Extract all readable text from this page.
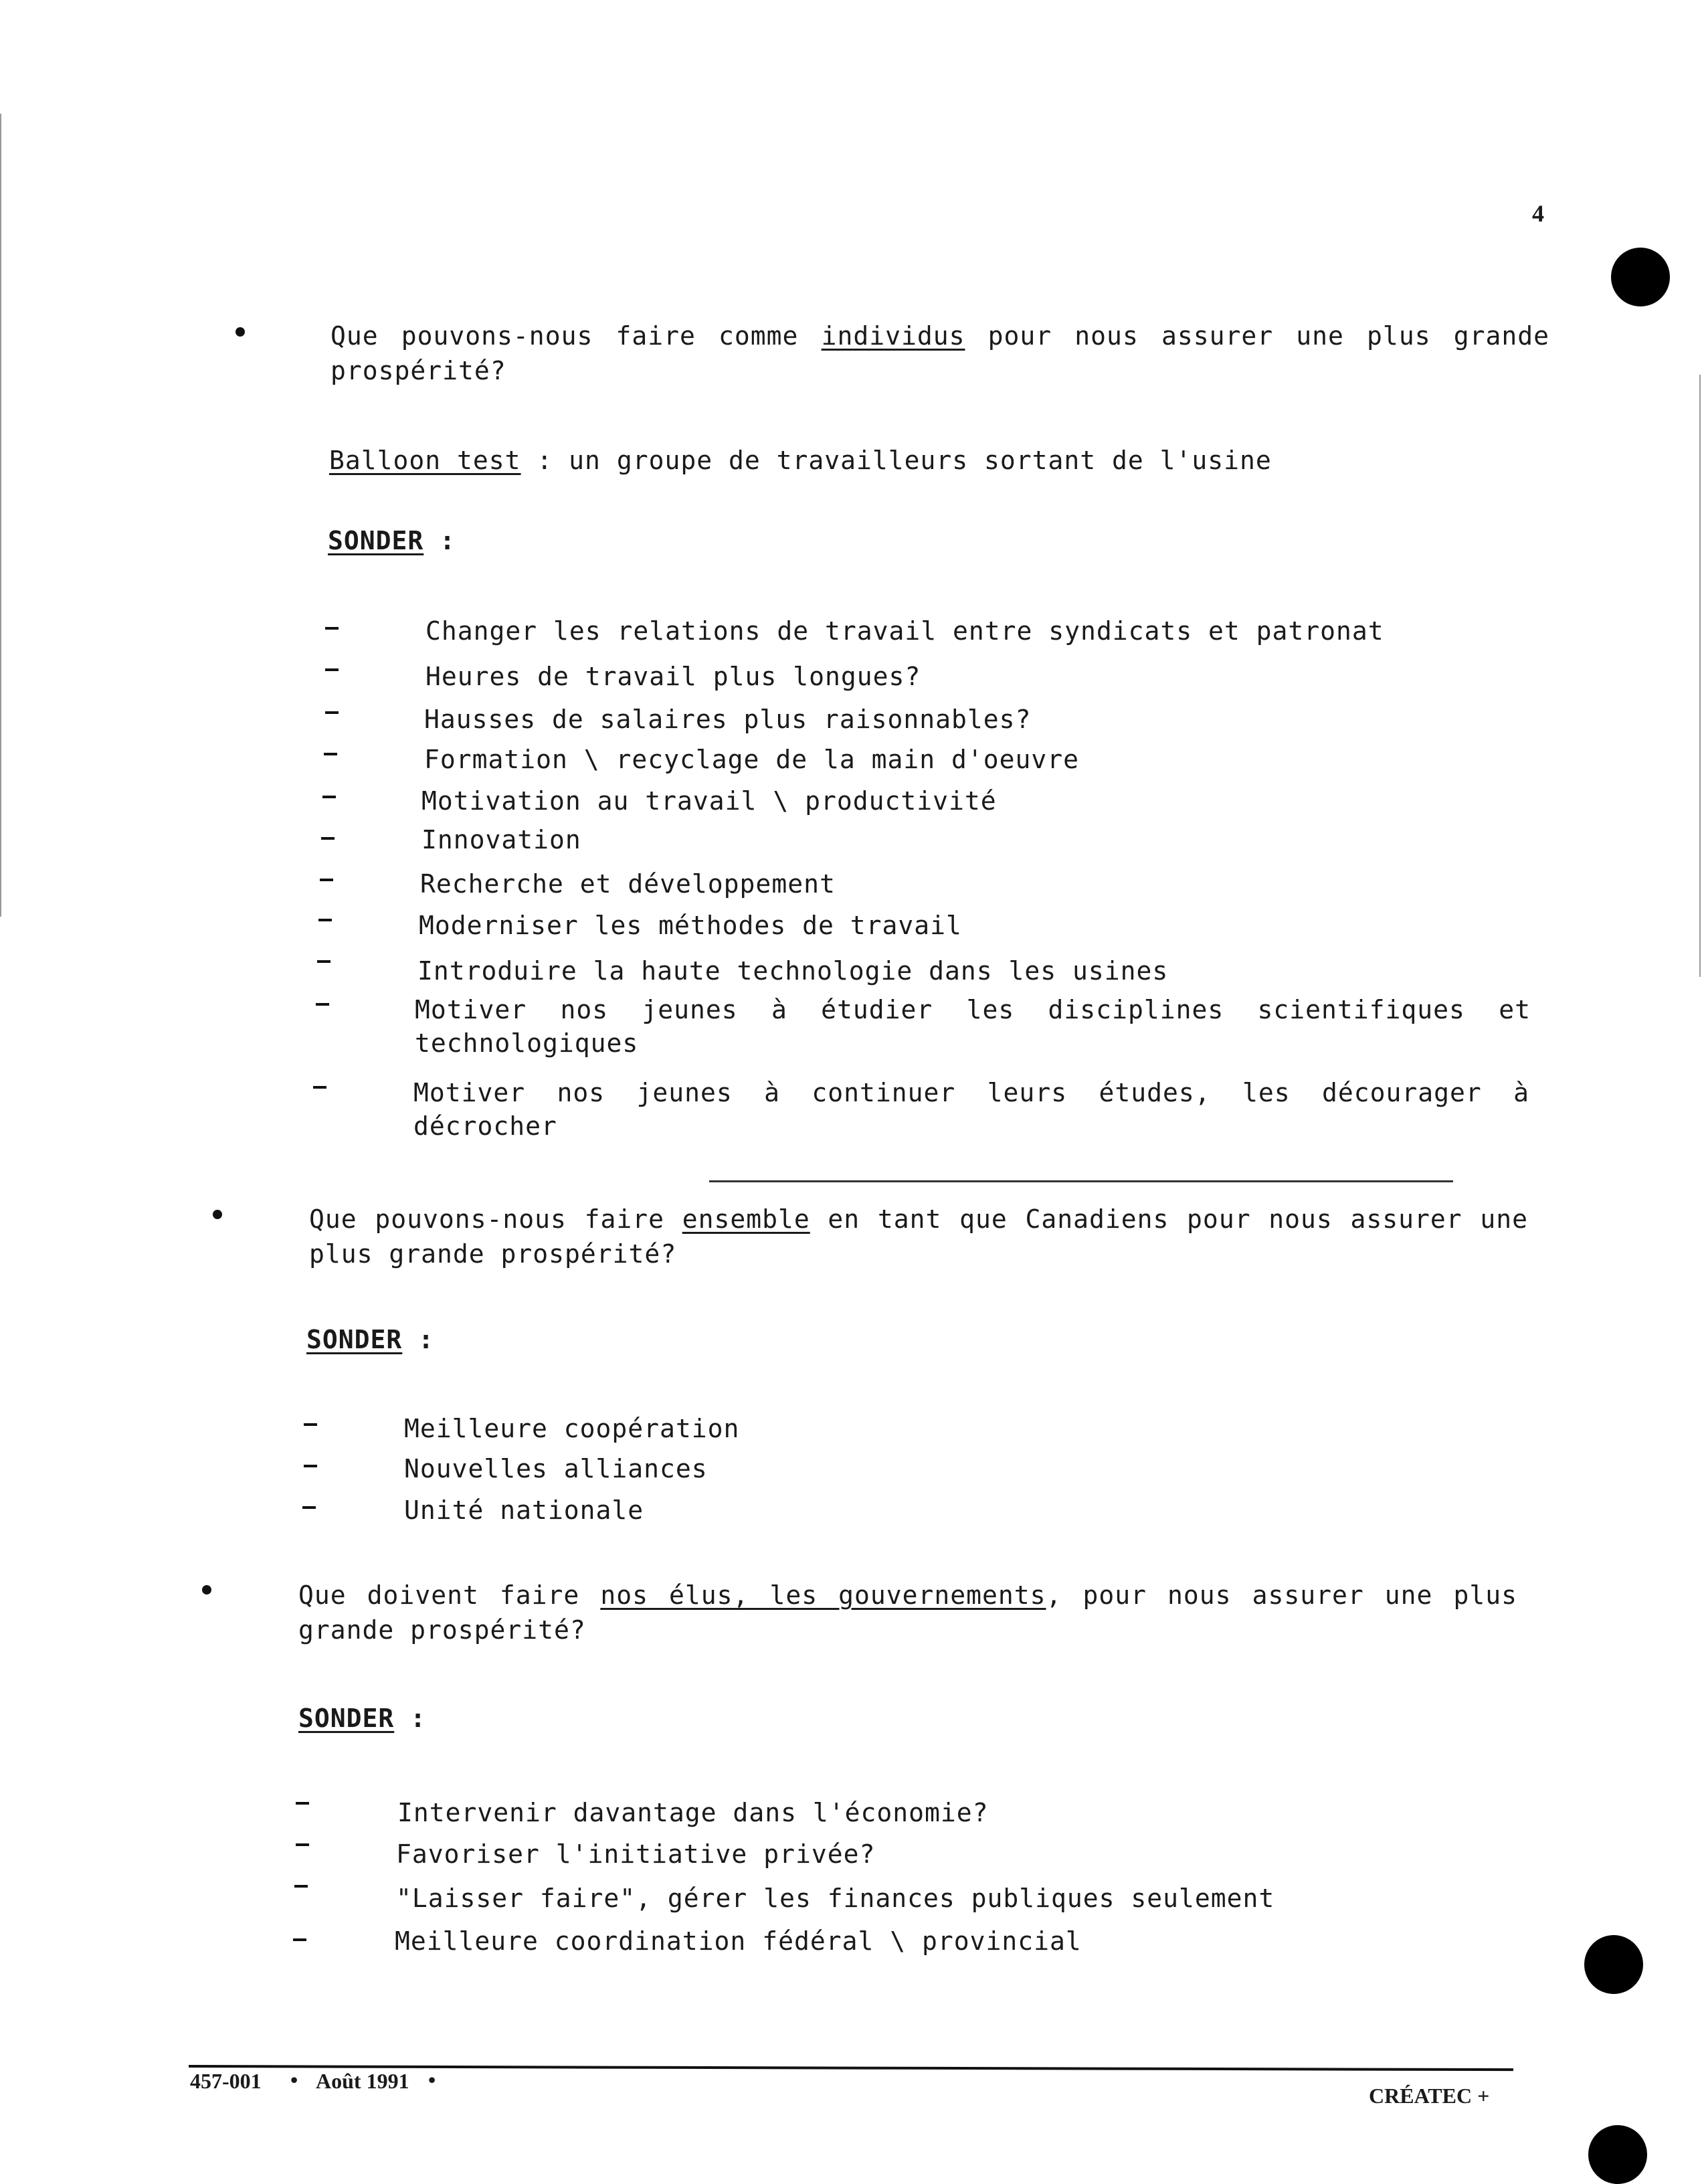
4
Que pouvons-nous faire comme individus pour nous assurer une plus grande prospérité?
Balloon test : un groupe de travailleurs sortant de l'usine
SONDER :
Changer les relations de travail entre syndicats et patronat
Heures de travail plus longues?
Hausses de salaires plus raisonnables?
Formation \ recyclage de la main d'oeuvre
Motivation au travail \ productivité
Innovation
Recherche et développement
Moderniser les méthodes de travail
Introduire la haute technologie dans les usines
Motiver nos jeunes à étudier les disciplines scientifiques et technologiques
Motiver nos jeunes à continuer leurs études, les décourager à décrocher
Que pouvons-nous faire ensemble en tant que Canadiens pour nous assurer une plus grande prospérité?
SONDER :
Meilleure coopération
Nouvelles alliances
Unité nationale
Que doivent faire nos élus, les gouvernements, pour nous assurer une plus grande prospérité?
SONDER :
Intervenir davantage dans l'économie?
Favoriser l'initiative privée?
"Laisser faire", gérer les finances publiques seulement
Meilleure coordination fédéral \ provincial
457-001 • Août 1991 •
CRÉATEC +
